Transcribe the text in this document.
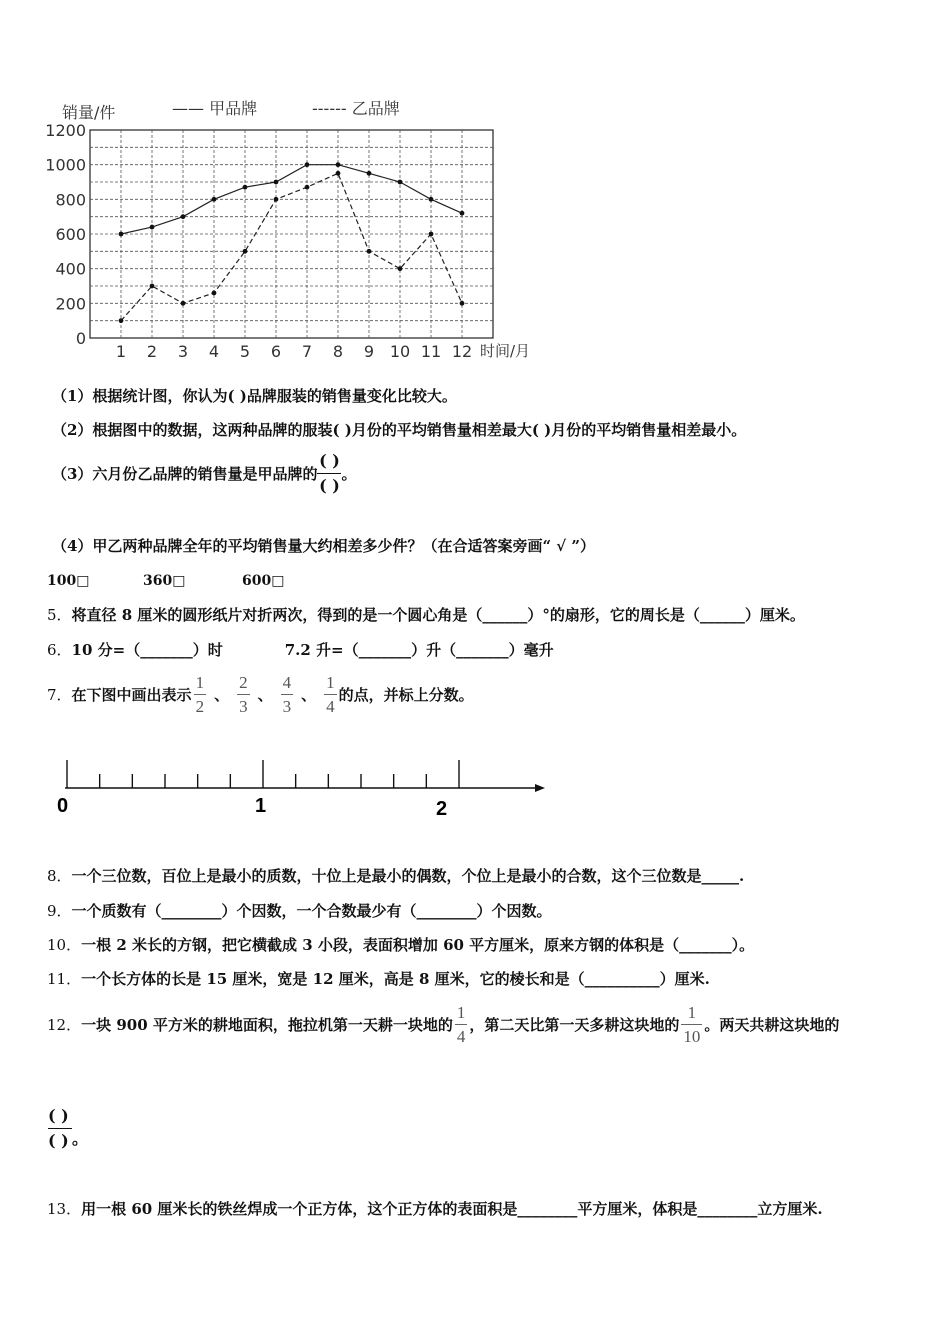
销量/件	—— 甲品牌	------ 乙品牌
0
200
400
600
800
1000
1200
1 2 3 4 5 6 7 8 9 10 11 12 时间/月
（1）根据统计图，你认为( )品牌服装的销售量变化比较大。
（2）根据图中的数据，这两种品牌的服装( )月份的平均销售量相差最大( )月份的平均销售量相差最小。
（3）六月份乙品牌的销售量是甲品牌的
( )
( )
。
（4）甲乙两种品牌全年的平均销售量大约相差多少件？（在合适答案旁画“ √ ”）
100□	360□	600□
5．将直径 8 厘米的圆形纸片对折两次，得到的是一个圆心角是（______）°的扇形，它的周长是（______）厘米。
6．10 分=（_______）时	7.2 升=（_______）升（_______）毫升
7．在下图中画出表示 $\frac{1}{2}$ 、 $\frac{2}{3}$ 、 $\frac{4}{3}$ 、 $\frac{1}{4}$ 的点，并标上分数。
0	1	2
8．一个三位数，百位上是最小的质数，十位上是最小的偶数，个位上是最小的合数，这个三位数是_____.
9．一个质数有（________）个因数，一个合数最少有（________）个因数。
10．一根 2 米长的方钢，把它横截成 3 小段，表面积增加 60 平方厘米，原来方钢的体积是（_______）。
11．一个长方体的长是 15 厘米，宽是 12 厘米，高是 8 厘米，它的棱长和是（__________）厘米.
12．一块 900 平方米的耕地面积，拖拉机第一天耕一块地的 $\frac{1}{4}$ ，第二天比第一天多耕这块地的 $\frac{1}{10}$ 。两天共耕这块地的
( )
( ) 。
13．用一根 60 厘米长的铁丝焊成一个正方体，这个正方体的表面积是________平方厘米，体积是________立方厘米.
